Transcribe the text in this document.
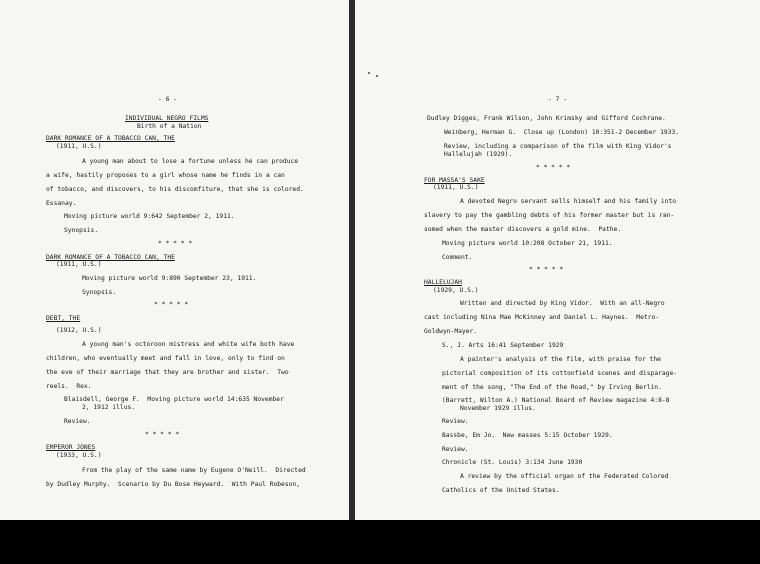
- 6 -
INDIVIDUAL NEGRO FILMS
Birth of a Nation
DARK ROMANCE OF A TOBACCO CAN, THE
(1911, U.S.)
A young man about to lose a fortune unless he can produce
a wife, hastily proposes to a girl whose name he finds in a can
of tobacco, and discovers, to his discomfiture, that she is colored.
Essanay.
Moving picture world 9:642 September 2, 1911.
Synopsis.
* * * * *
DARK ROMANCE OF A TOBACCO CAN, THE
(1911, U.S.)
Moving picture world 9:890 September 23, 1911.
Synopsis.
* * * * *
DEBT, THE
(1912, U.S.)
A young man's octoroon mistress and white wife both have
children, who eventually meet and fall in love, only to find on
the eve of their marriage that they are brother and sister.  Two
reels.  Rex.
Blaisdell, George F.  Moving picture world 14:635 November
2, 1912 illus.
Review.
* * * * *
EMPEROR JONES
(1933, U.S.)
From the play of the same name by Eugene O'Neill.  Directed
by Dudley Murphy.  Scenario by Du Bose Heyward.  With Paul Robeson,
- 7 -
Dudley Digges, Frank Wilson, John Krimsky and Gifford Cochrane.
Weinberg, Herman G.  Close up (London) 10:351-2 December 1933.
Review, including a comparison of the film with King Vidor's
Hallelujah (1929).
* * * * *
FOR MASSA'S SAKE
(1911, U.S.)
A devoted Negro servant sells himself and his family into
slavery to pay the gambling debts of his former master but is ran-
somed when the master discovers a gold mine.  Pathe.
Moving picture world 10:208 October 21, 1911.
Comment.
* * * * *
HALLELUJAH
(1929, U.S.)
Written and directed by King Vidor.  With an all-Negro
cast including Nina Mae McKinney and Daniel L. Haynes.  Metro-
Goldwyn-Mayer.
S., J. Arts 16:41 September 1929
A painter's analysis of the film, with praise for the
pictorial composition of its cottonfield scenes and disparage-
ment of the song, "The End of the Road," by Irving Berlin.
(Barrett, Wilton A.) National Board of Review magazine 4:8-8
November 1929 illus.
Review.
Bassbe, Em Jo.  New masses 5:15 October 1929.
Review.
Chronicle (St. Louis) 3:134 June 1930
A review by the official organ of the Federated Colored
Catholics of the United States.
